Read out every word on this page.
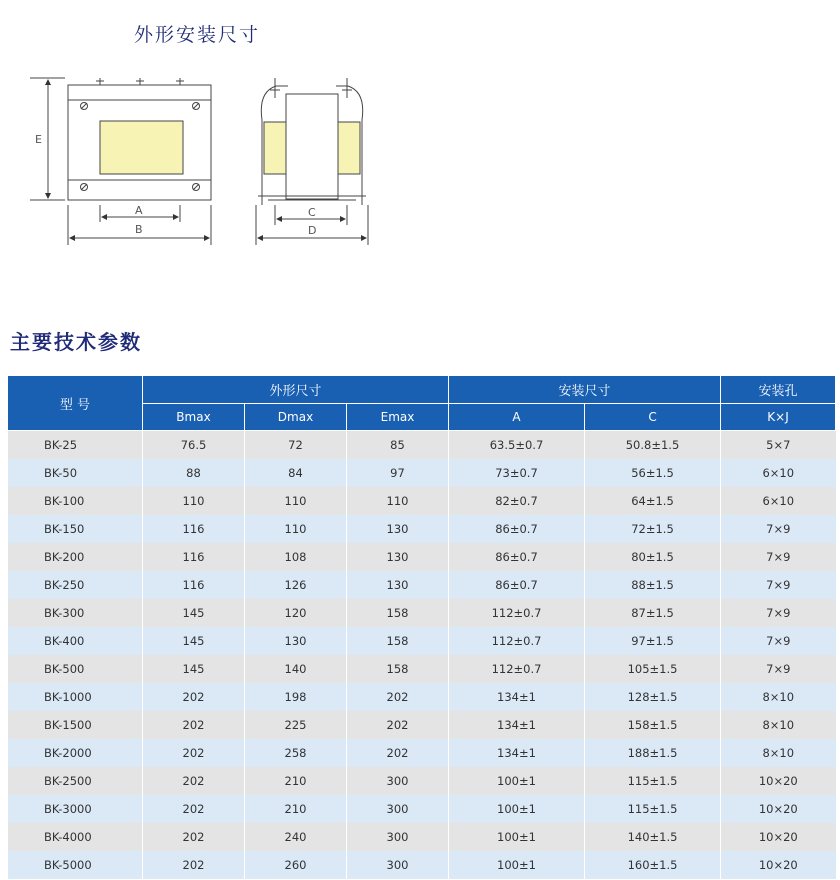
外形安装尺寸
E
A
B
C
D
主要技术参数
型 号	外形尺寸			安装尺寸		安装孔
	Bmax	Dmax	Emax	A	C	K×J
BK-25	76.5	72	85	63.5±0.7	50.8±1.5	5×7
BK-50	88	84	97	73±0.7	56±1.5	6×10
BK-100	110	110	110	82±0.7	64±1.5	6×10
BK-150	116	110	130	86±0.7	72±1.5	7×9
BK-200	116	108	130	86±0.7	80±1.5	7×9
BK-250	116	126	130	86±0.7	88±1.5	7×9
BK-300	145	120	158	112±0.7	87±1.5	7×9
BK-400	145	130	158	112±0.7	97±1.5	7×9
BK-500	145	140	158	112±0.7	105±1.5	7×9
BK-1000	202	198	202	134±1	128±1.5	8×10
BK-1500	202	225	202	134±1	158±1.5	8×10
BK-2000	202	258	202	134±1	188±1.5	8×10
BK-2500	202	210	300	100±1	115±1.5	10×20
BK-3000	202	210	300	100±1	115±1.5	10×20
BK-4000	202	240	300	100±1	140±1.5	10×20
BK-5000	202	260	300	100±1	160±1.5	10×20
